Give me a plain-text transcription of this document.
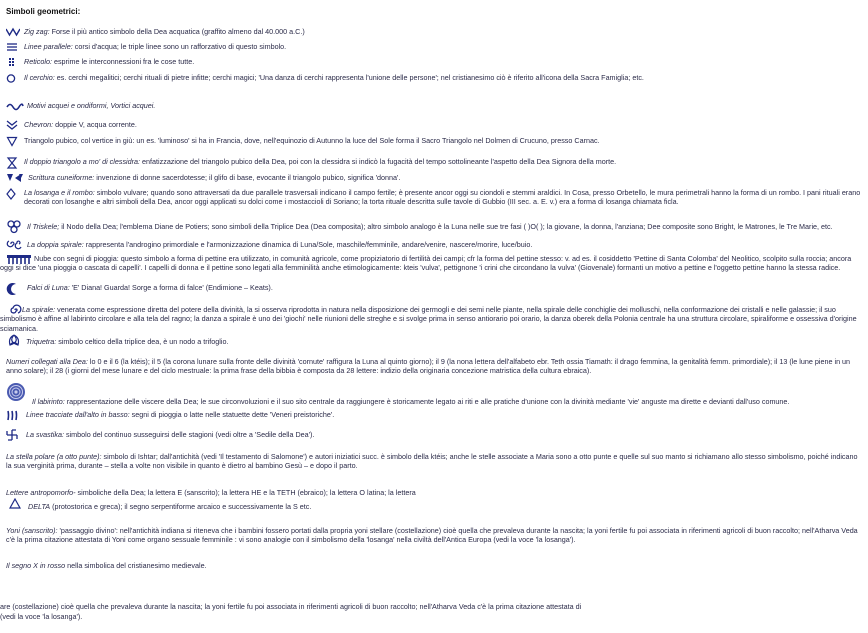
Simboli geometrici:
Zig zag: Forse il più antico simbolo della Dea acquatica (graffito almeno dal 40.000 a.C.)
Linee parallele: corsi d'acqua; le triple linee sono un rafforzativo di questo simbolo.
Reticolo: esprime le interconnessioni fra le cose tutte.
Il cerchio: es. cerchi megalitici; cerchi rituali di pietre infitte; cerchi magici; 'Una danza di cerchi rappresenta l'unione delle persone'; nel cristianesimo ciò è riferito all'icona della Sacra Famiglia; etc.
Motivi acquei e ondiformi, Vortici acquei.
Chevron: doppie V, acqua corrente.
Triangolo pubico, col vertice in giù: un es. 'luminoso' si ha in Francia, dove, nell'equinozio di Autunno la luce del Sole forma il Sacro Triangolo nel Dolmen di Crucuno, presso Carnac.
Il doppio triangolo a mo' di clessidra: enfatizzazione del triangolo pubico della Dea, poi con la clessidra si indicò la fugacità del tempo sottolineante l'aspetto della Dea Signora della morte.
Scrittura cuneiforme: invenzione di donne sacerdotesse; il glifo di base, evocante il triangolo pubico, significa 'donna'.
La losanga e il rombo: simbolo vulvare; quando sono attraversati da due parallele trasversali indicano il campo fertile; è presente ancor oggi su ciondoli e stemmi araldici. In Cosa, presso Orbetello, le mura perimetrali hanno la forma di un rombo. I pani rituali erano decorati con losanghe e altri simboli della Dea, ancor oggi applicati su dolci come i mostaccioli di Soriano; la torta rituale descritta sulle tavole di Gubbio (III sec. a. E. v.) era a forma di losanga chiamata ficla.
Il Triskele; il Nodo della Dea; l'emblema Diane de Potiers; sono simboli della Triplice Dea (Dea composita); altro simbolo analogo è la Luna nelle sue tre fasi ( )O( ); la giovane, la donna, l'anziana; Dee composite sono Bright, le Matrones, le Tre Marie, etc.
La doppia spirale: rappresenta l'androgino primordiale e l'armonizzazione dinamica di Luna/Sole, maschile/femminile, andare/venire, nascere/morire, luce/buio.
Nube con segni di pioggia: questo simbolo a forma di pettine era utilizzato, in comunità agricole, come propiziatorio di fertilità dei campi; cfr la forma del pettine stesso: v. ad es. il cosiddetto 'Pettine di Santa Colomba' del Neolitico, scolpito sulla roccia; ancora oggi si dice 'una pioggia o cascata di capelli'. I capelli di donna e il pettine sono legati alla femminilità anche etimologicamente: kteis 'vulva', pettignone 'i crini che circondano la vulva' (Giovenale) formanti un motivo a pettine e l'oggetto pettine hanno la stessa radice.
Falci di Luna: 'E' Diana! Guarda! Sorge a forma di falce' (Endimione – Keats).
La spirale: venerata come espressione diretta del potere della divinità, la si osserva riprodotta in natura nella disposizione dei germogli e dei semi nelle piante, nella spirale delle conchiglie dei molluschi, nella conformazione dei cristalli e nelle galassie; il suo simbolismo è affine al labirinto circolare e alla tela del ragno; la danza a spirale è uno dei 'giochi' nelle riunioni delle streghe e si svolge prima in senso antiorario poi orario, la danza oberek della Polonia centrale ha una struttura circolare, spiraliforme e ossessiva d'origine sciamanica.
Triquetra: simbolo celtico della triplice dea, è un nodo a trifoglio.
Numeri collegati alla Dea: lo 0 e il 6 (la ktéis); il 5 (la corona lunare sulla fronte delle divinità 'cornute' raffigura la Luna al quinto giorno); il 9 (la nona lettera dell'alfabeto ebr. Teth ossia Tiamath: il drago femmina, la genitalità femm. primordiale); il 13 (le lune piene in un anno solare); il 28 (i giorni del mese lunare e del ciclo mestruale: la prima frase della bibbia è composta da 28 lettere: indizio della originaria concezione matristica della cultura ebraica).
Il labirinto: rappresentazione delle viscere della Dea; le sue circonvoluzioni e il suo sito centrale da raggiungere è storicamente legato ai riti e alle pratiche d'unione con la divinità mediante 'vie' anguste ma dirette e devianti dall'uso comune.
Linee tracciate dall'alto in basso: segni di pioggia o latte nelle statuette dette 'Veneri preistoriche'.
La svastika: simbolo del continuo susseguirsi delle stagioni (vedi oltre a 'Sedile della Dea').
La stella polare (a otto punte): simbolo di Ishtar; dall'antichità (vedi 'Il testamento di Salomone') e autori iniziatici succ. è simbolo della ktéis; anche le stelle associate a Maria sono a otto punte e quelle sul suo manto si richiamano allo stesso simbolismo, poiché indicano la sua verginità prima, durante – stella a volte non visibile in quanto è dietro al bambino Gesù – e dopo il parto.
Lettere antropomorfo- simboliche della Dea; la lettera E (sanscrito); la lettera HE e la TETH (ebraico); la lettera O latina; la lettera
DELTA (protostorica e greca); il segno serpentiforme arcaico e successivamente la S etc.
Yoni (sanscrito): 'passaggio divino': nell'antichità indiana si riteneva che i bambini fossero portati dalla propria yoni stellare (costellazione) cioè quella che prevaleva durante la nascita; la yoni fertile fu poi associata in riferimenti agricoli di buon raccolto; nell'Atharva Veda c'è la prima citazione attestata di Yoni come organo sessuale femminile : vi sono analogie con il simbolismo della 'losanga' nella civiltà dell'Antica Europa (vedi la voce 'la losanga').
Il segno X in rosso nella simbolica del cristianesimo medievale.
are (costellazione) cioè quella che prevaleva durante la nascita; la yoni fertile fu poi associata in riferimenti agricoli di buon raccolto; nell'Atharva Veda c'è la prima citazione attestata di
(vedi la voce 'la losanga').
